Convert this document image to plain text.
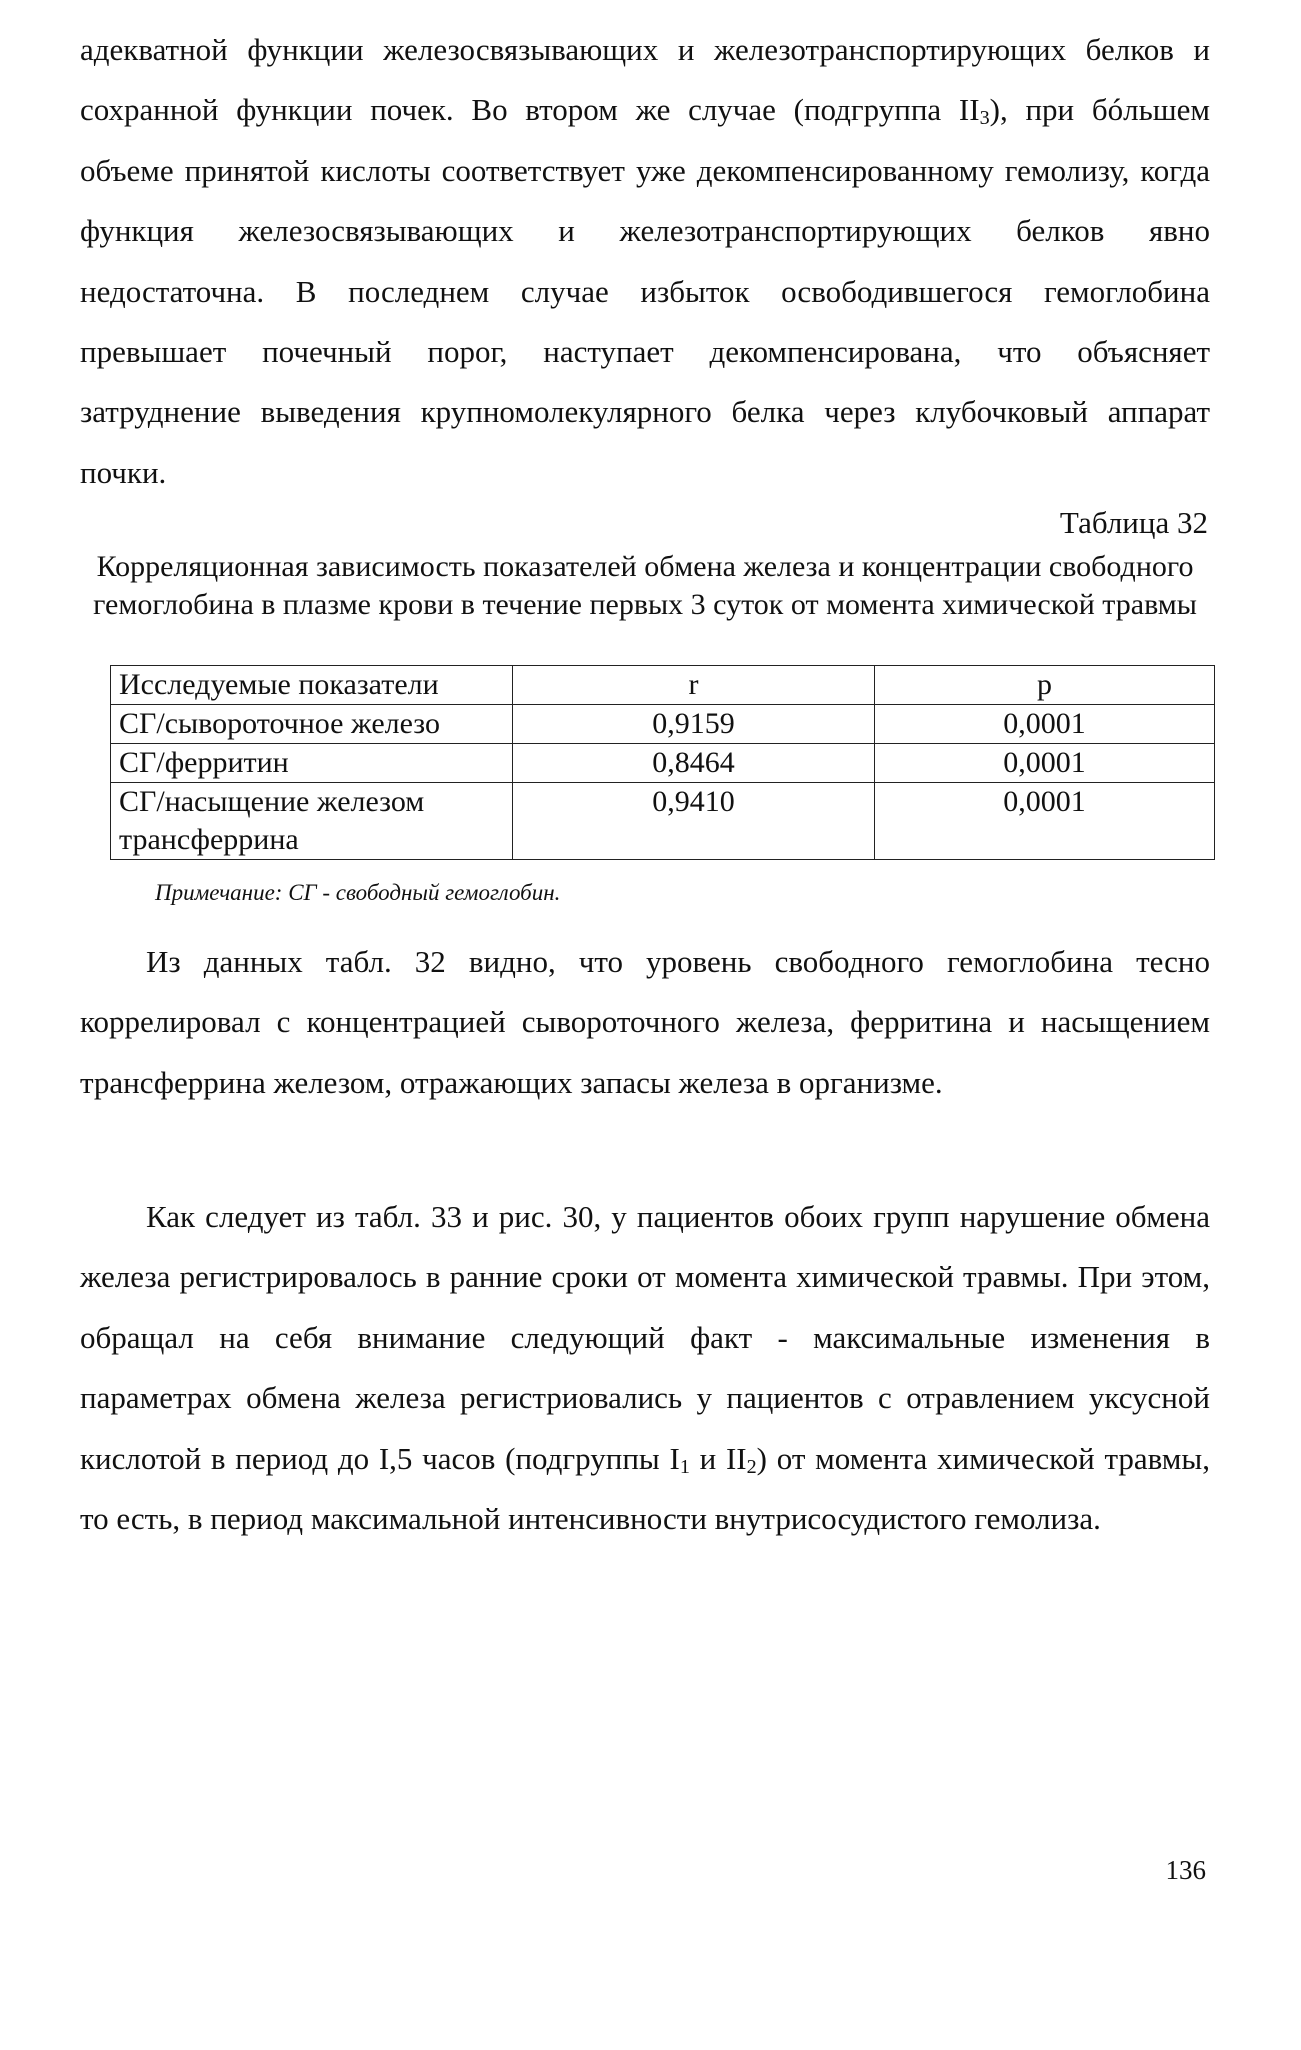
адекватной функции железосвязывающих и железотранспортирующих белков и сохранной функции почек. Во втором же случае (подгруппа $II_3$), при бóльшем объеме принятой кислоты соответствует уже декомпенсированному гемолизу, когда функция железосвязывающих и железотранспортирующих белков явно недостаточна. В последнем случае избыток освободившегося гемоглобина превышает почечный порог, наступает декомпенсирована, что объясняет затруднение выведения крупномолекулярного белка через клубочковый аппарат почки.

Таблица 32

Корреляционная зависимость показателей обмена железа и концентрации свободного гемоглобина в плазме крови в течение первых 3 суток от момента химической травмы

Исследуемые показатели	r	p
СГ/сывороточное железо	0,9159	0,0001
СГ/ферритин	0,8464	0,0001
СГ/насыщение железом трансферрина	0,9410	0,0001

Примечание: СГ - свободный гемоглобин.

Из данных табл. 32 видно, что уровень свободного гемоглобина тесно коррелировал с концентрацией сывороточного железа, ферритина и насыщением трансферрина железом, отражающих запасы железа в организме.

Как следует из табл. 33 и рис. 30, у пациентов обоих групп нарушение обмена железа регистрировалось в ранние сроки от момента химической травмы. При этом, обращал на себя внимание следующий факт - максимальные изменения в параметрах обмена железа регистриовались у пациентов с отравлением уксусной кислотой в период до I,5 часов (подгруппы $I_1$ и $II_2$) от момента химической травмы, то есть, в период максимальной интенсивности внутрисосудистого гемолиза.

136
